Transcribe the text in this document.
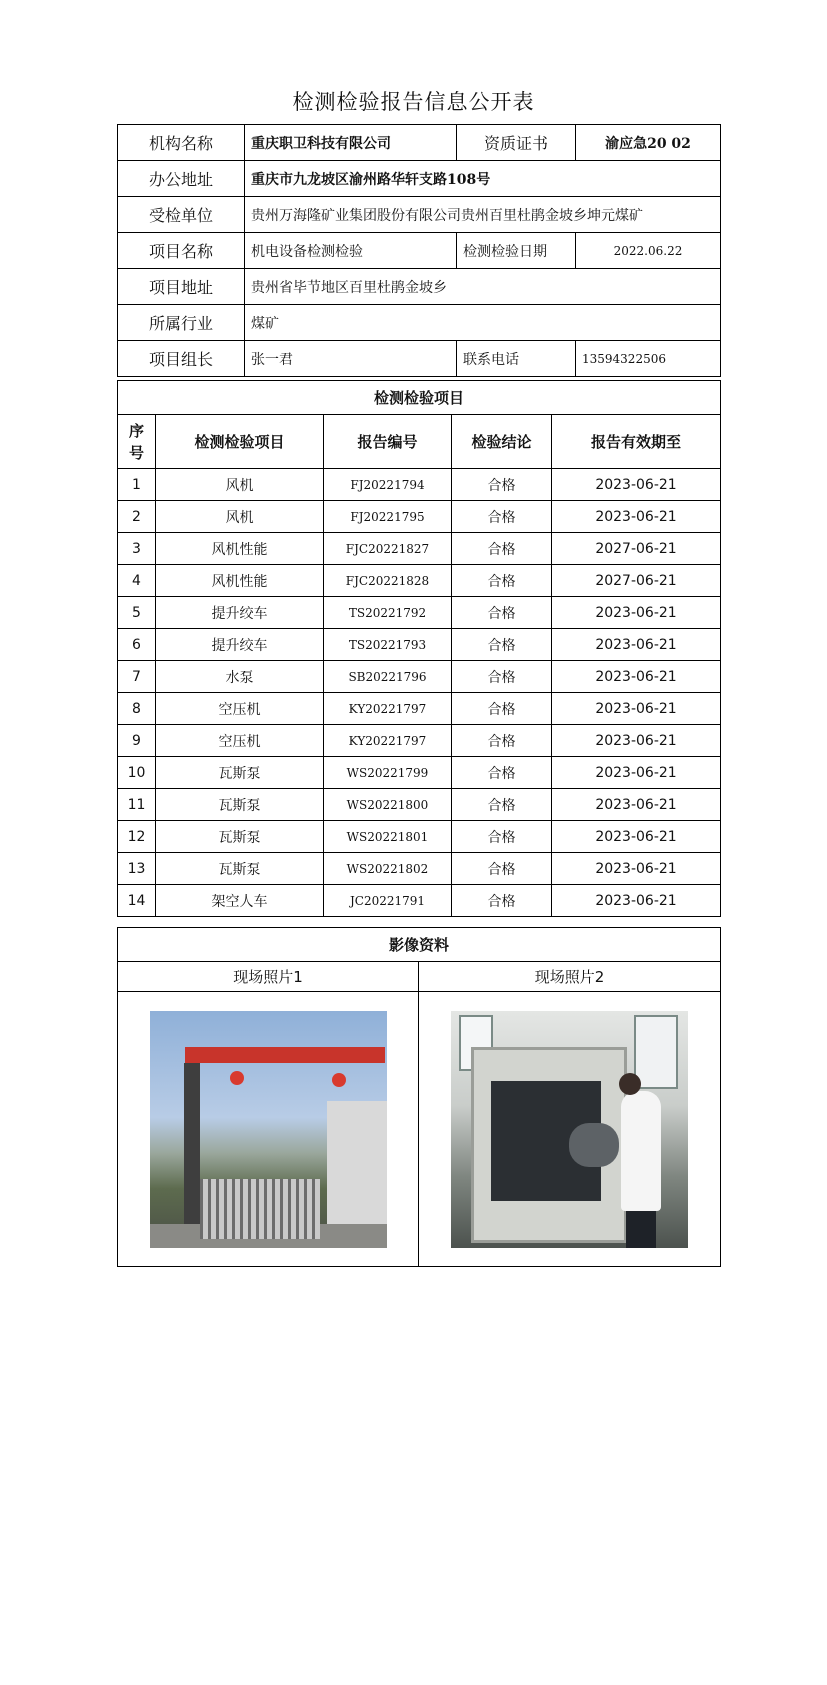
检测检验报告信息公开表
机构名称	重庆职卫科技有限公司	资质证书	渝应急20 02
办公地址	重庆市九龙坡区渝州路华轩支路108号		
受检单位	贵州万海隆矿业集团股份有限公司贵州百里杜鹃金坡乡坤元煤矿		
项目名称	机电设备检测检验	检测检验日期	2022.06.22
项目地址	贵州省毕节地区百里杜鹃金坡乡		
所属行业	煤矿		
项目组长	张一君	联系电话	13594322506
检测检验项目				
序号	检测检验项目	报告编号	检验结论	报告有效期至
1	风机	FJ20221794	合格	2023-06-21
2	风机	FJ20221795	合格	2023-06-21
3	风机性能	FJC20221827	合格	2027-06-21
4	风机性能	FJC20221828	合格	2027-06-21
5	提升绞车	TS20221792	合格	2023-06-21
6	提升绞车	TS20221793	合格	2023-06-21
7	水泵	SB20221796	合格	2023-06-21
8	空压机	KY20221797	合格	2023-06-21
9	空压机	KY20221797	合格	2023-06-21
10	瓦斯泵	WS20221799	合格	2023-06-21
11	瓦斯泵	WS20221800	合格	2023-06-21
12	瓦斯泵	WS20221801	合格	2023-06-21
13	瓦斯泵	WS20221802	合格	2023-06-21
14	架空人车	JC20221791	合格	2023-06-21
影像资料	
现场照片1	现场照片2
